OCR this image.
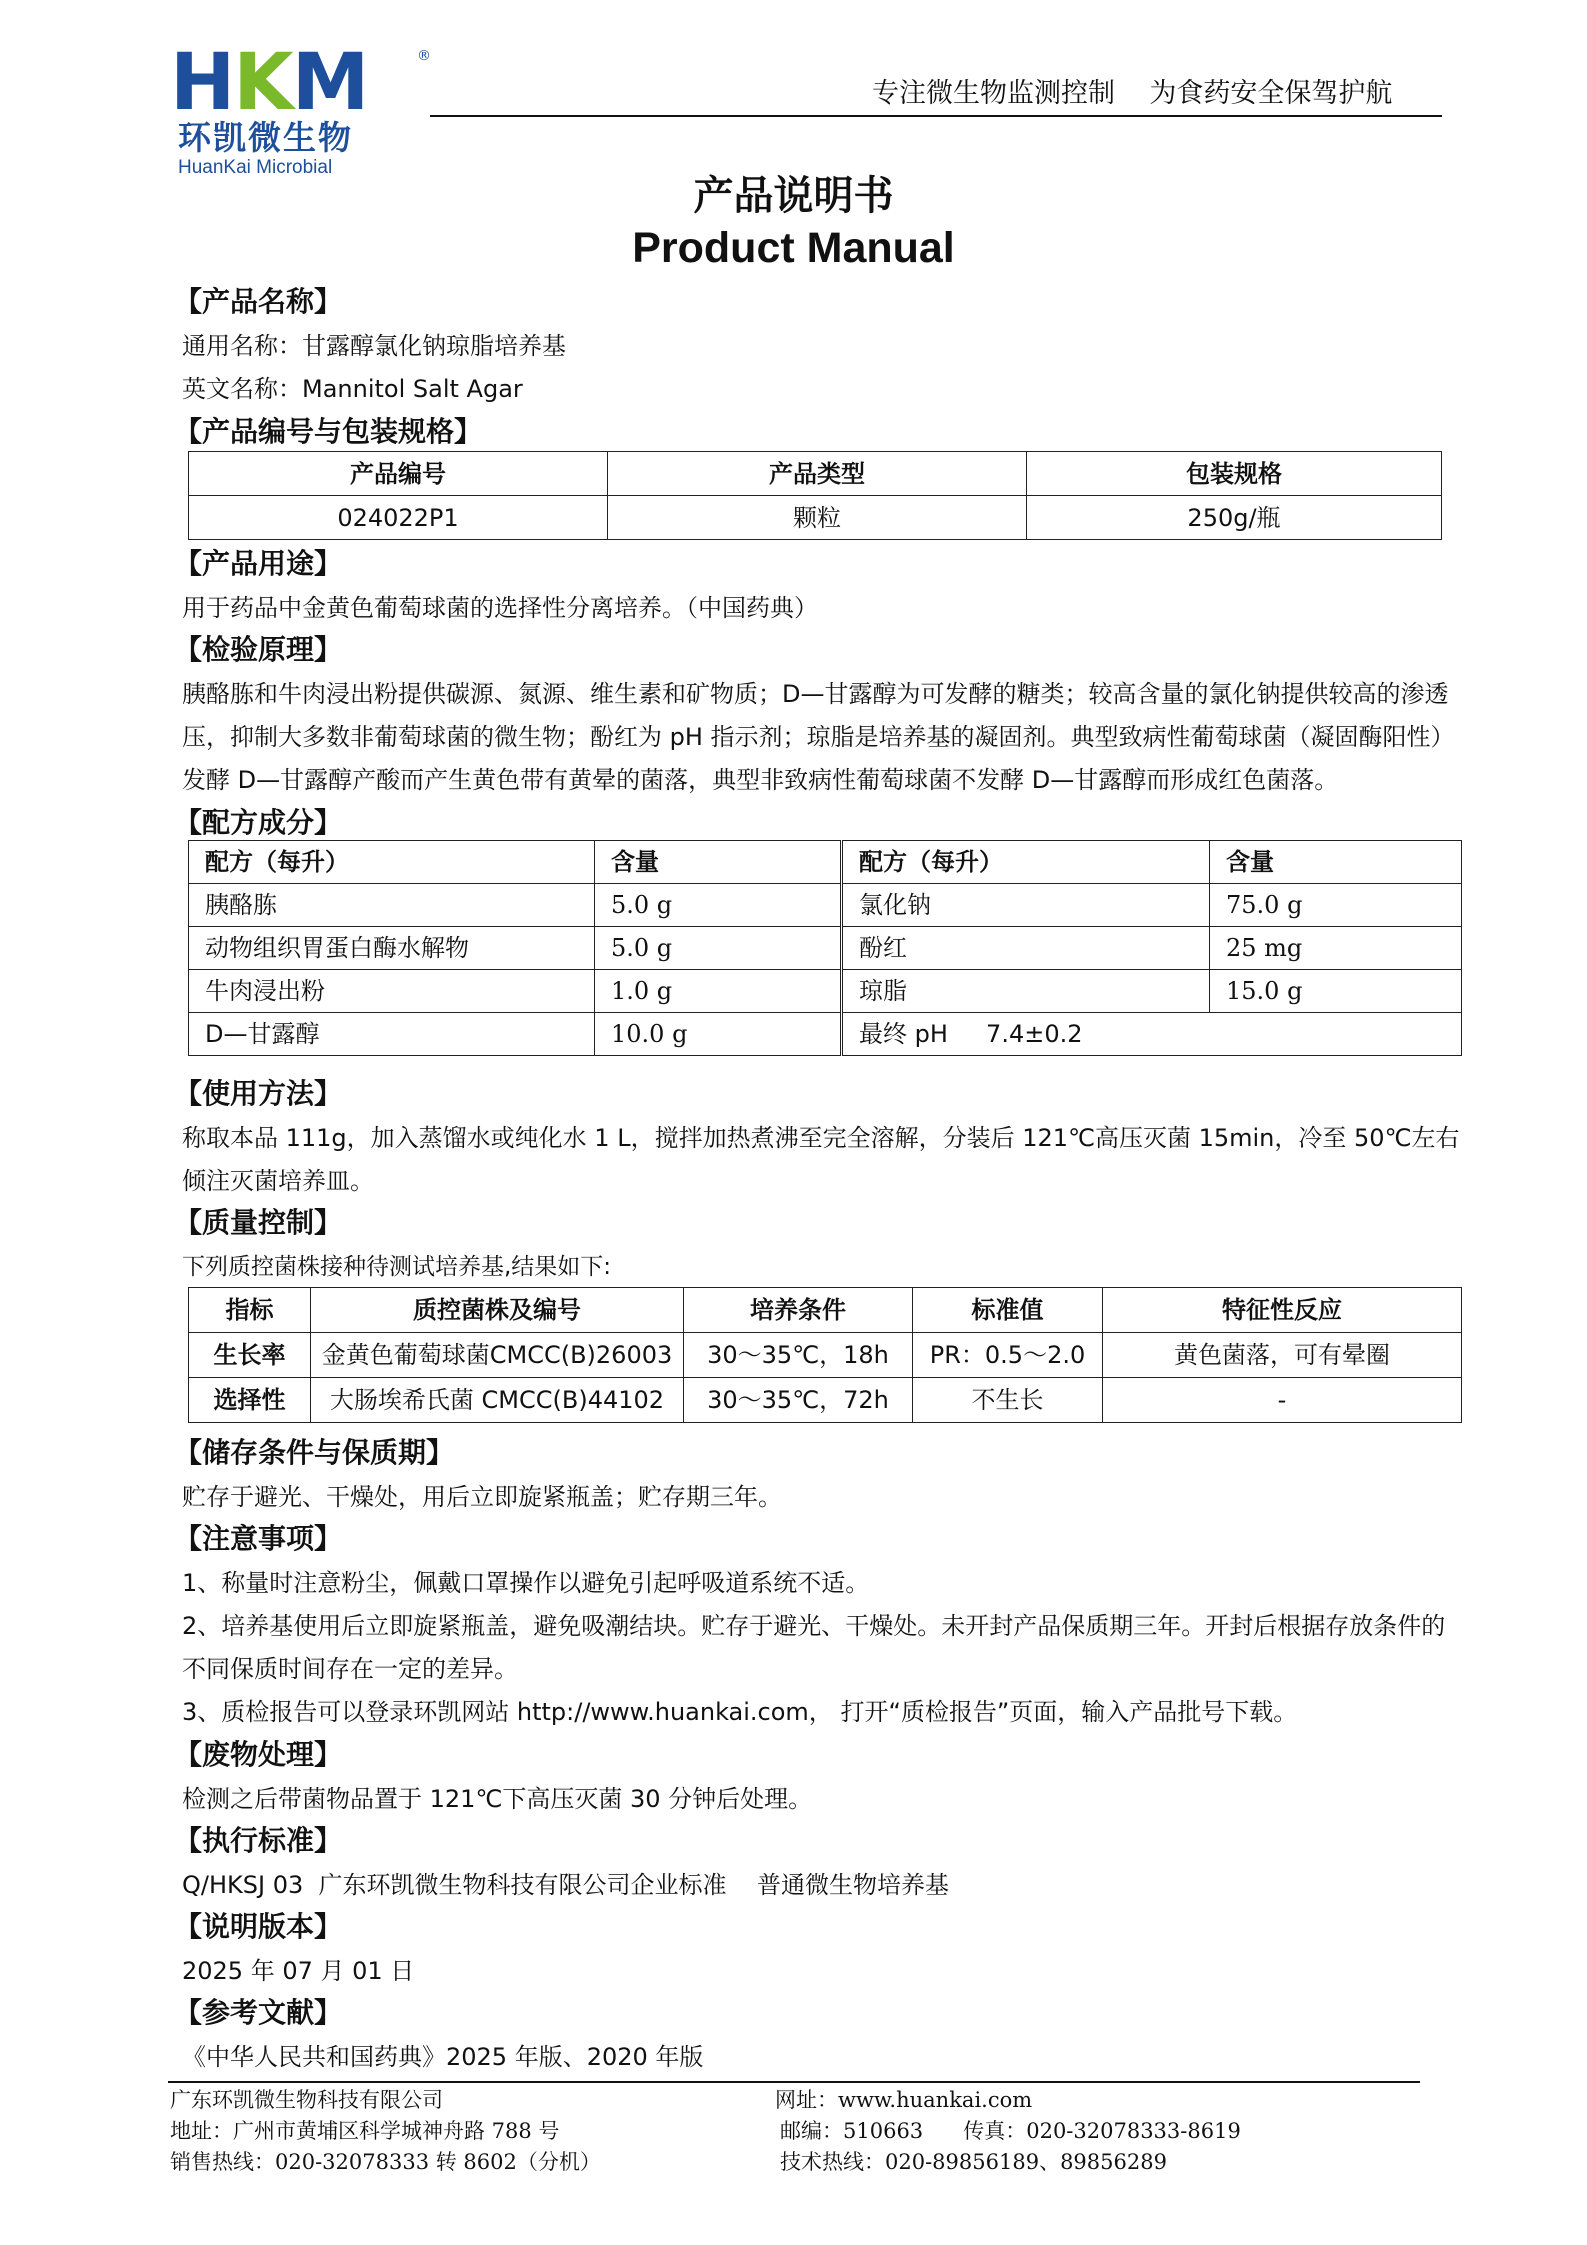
HKM	®
环凯微生物
HuanKai Microbial
专注微生物监测控制    为食药安全保驾护航
产品说明书
Product Manual
【产品名称】
通用名称：甘露醇氯化钠琼脂培养基
英文名称：Mannitol Salt Agar
【产品编号与包装规格】
产品编号	产品类型	包装规格
024022P1	颗粒	250g/瓶
【产品用途】
用于药品中金黄色葡萄球菌的选择性分离培养。（中国药典）
【检验原理】
胰酪胨和牛肉浸出粉提供碳源、氮源、维生素和矿物质；D—甘露醇为可发酵的糖类；较高含量的氯化钠提供较高的渗透
压，抑制大多数非葡萄球菌的微生物；酚红为 pH 指示剂；琼脂是培养基的凝固剂。典型致病性葡萄球菌（凝固酶阳性）
发酵 D—甘露醇产酸而产生黄色带有黄晕的菌落，典型非致病性葡萄球菌不发酵 D—甘露醇而形成红色菌落。
【配方成分】
配方（每升）	含量	配方（每升）	含量
胰酪胨	5.0 g	氯化钠	75.0 g
动物组织胃蛋白酶水解物	5.0 g	酚红	25 mg
牛肉浸出粉	1.0 g	琼脂	15.0 g
D—甘露醇	10.0 g	最终 pH     7.4±0.2	
【使用方法】
称取本品 111g，加入蒸馏水或纯化水 1 L，搅拌加热煮沸至完全溶解，分装后 121℃高压灭菌 15min，冷至 50℃左右
倾注灭菌培养皿。
【质量控制】
下列质控菌株接种待测试培养基,结果如下:
指标	质控菌株及编号	培养条件	标准值	特征性反应
生长率	金黄色葡萄球菌CMCC(B)26003	30～35℃，18h	PR：0.5～2.0	黄色菌落，可有晕圈
选择性	大肠埃希氏菌 CMCC(B)44102	30～35℃，72h	不生长	-
【储存条件与保质期】
贮存于避光、干燥处，用后立即旋紧瓶盖；贮存期三年。
【注意事项】
1、称量时注意粉尘，佩戴口罩操作以避免引起呼吸道系统不适。
2、培养基使用后立即旋紧瓶盖，避免吸潮结块。贮存于避光、干燥处。未开封产品保质期三年。开封后根据存放条件的
不同保质时间存在一定的差异。
3、质检报告可以登录环凯网站 http://www.huankai.com， 打开“质检报告”页面，输入产品批号下载。
【废物处理】
检测之后带菌物品置于 121℃下高压灭菌 30 分钟后处理。
【执行标准】
Q/HKSJ 03  广东环凯微生物科技有限公司企业标准    普通微生物培养基
【说明版本】
2025 年 07 月 01 日
【参考文献】
《中华人民共和国药典》2025 年版、2020 年版
广东环凯微生物科技有限公司
地址：广州市黄埔区科学城神舟路 788 号
销售热线：020-32078333 转 8602（分机）
网址：www.huankai.com
邮编：510663      传真：020-32078333-8619
技术热线：020-89856189、89856289
